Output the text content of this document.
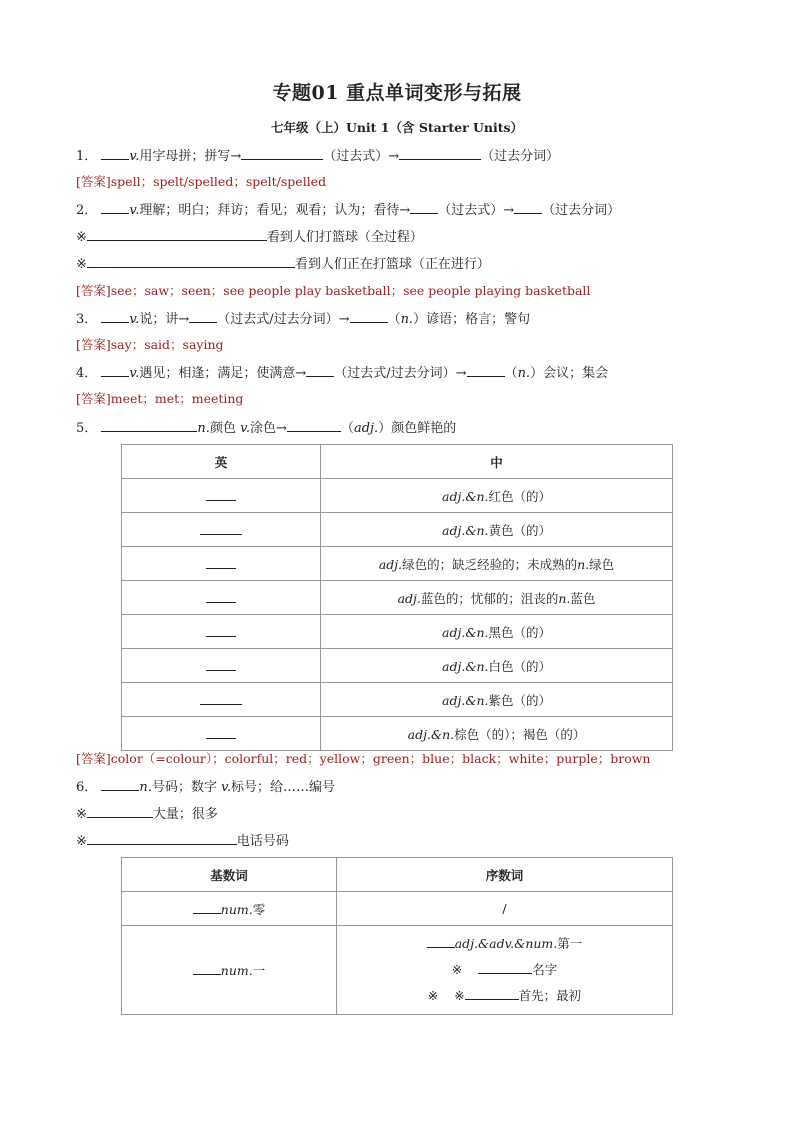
专题01 重点单词变形与拓展
七年级（上）Unit 1（含 Starter Units）
1． v.用字母拼；拼写→	（过去式）→	（过去分词）
[答案]spell；spelt/spelled；spelt/spelled
2． v.理解；明白；拜访；看见；观看；认为；看待→ （过去式）→ （过去分词）
※	看到人们打篮球（全过程）
※	看到人们正在打篮球（正在进行）
[答案]see；saw；seen；see people play basketball；see people playing basketball
3． v.说；讲→ （过去式/过去分词）→	（n.）谚语；格言；警句
[答案]say；said；saying
4． v.遇见；相逢；满足；使满意→ （过去式/过去分词）→	（n.）会议；集会
[答案]meet；met；meeting
5．	n.颜色 v.涂色→	（adj.）颜色鲜艳的
英	中
	adj.&n.红色（的）
	adj.&n.黄色（的）
	adj.绿色的；缺乏经验的；未成熟的n.绿色
	adj.蓝色的；忧郁的；沮丧的n.蓝色
	adj.&n.黑色（的）
	adj.&n.白色（的）
	adj.&n.紫色（的）
	adj.&n.棕色（的）；褐色（的）
[答案]color（=colour）；colorful；red；yellow；green；blue；black；white；purple；brown
6．	n.号码；数字 v.标号；给……编号
※	大量；很多
※	电话号码
基数词	序数词
num.零	/
num.一	adj.&adv.&num.第一
※ 名字
※ ※ 首先；最初
